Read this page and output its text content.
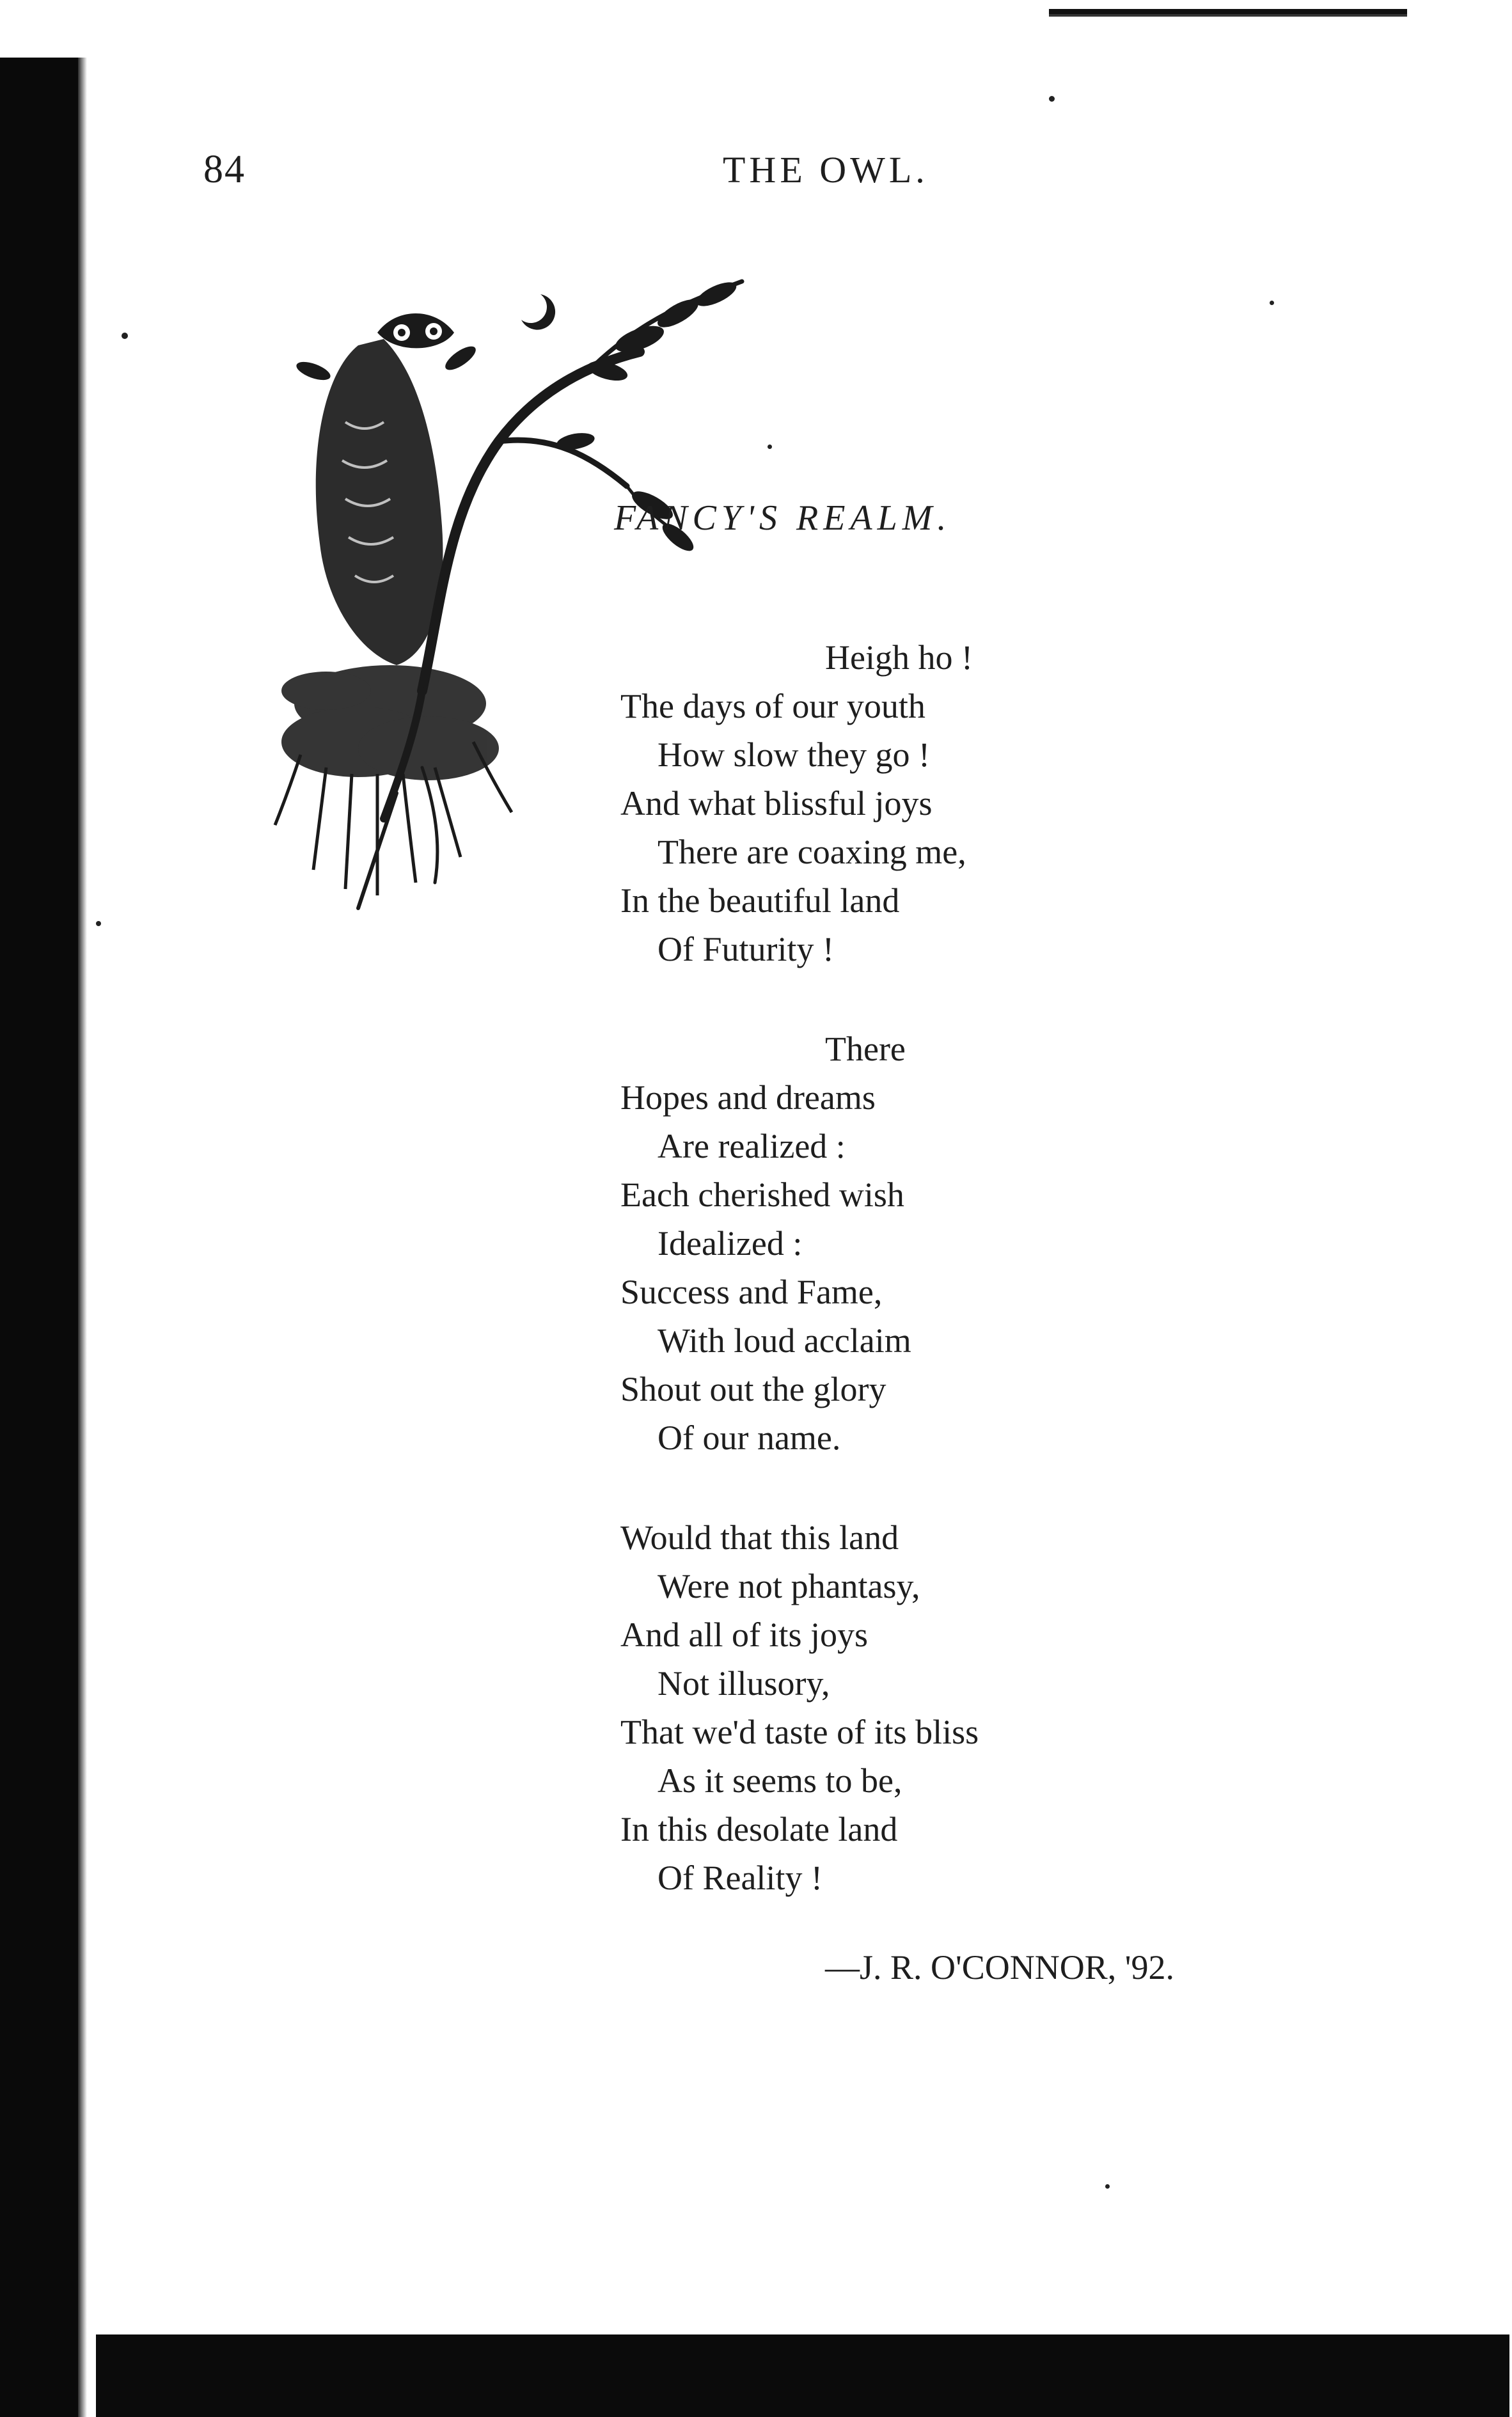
84	THE OWL.
FANCY'S REALM.
Heigh ho !
The days of our youth
How slow they go !
And what blissful joys
There are coaxing me,
In the beautiful land
Of Futurity !
There
Hopes and dreams
Are realized :
Each cherished wish
Idealized :
Success and Fame,
With loud acclaim
Shout out the glory
Of our name.
Would that this land
Were not phantasy,
And all of its joys
Not illusory,
That we'd taste of its bliss
As it seems to be,
In this desolate land
Of Reality !
—J. R. O'CONNOR, '92.
